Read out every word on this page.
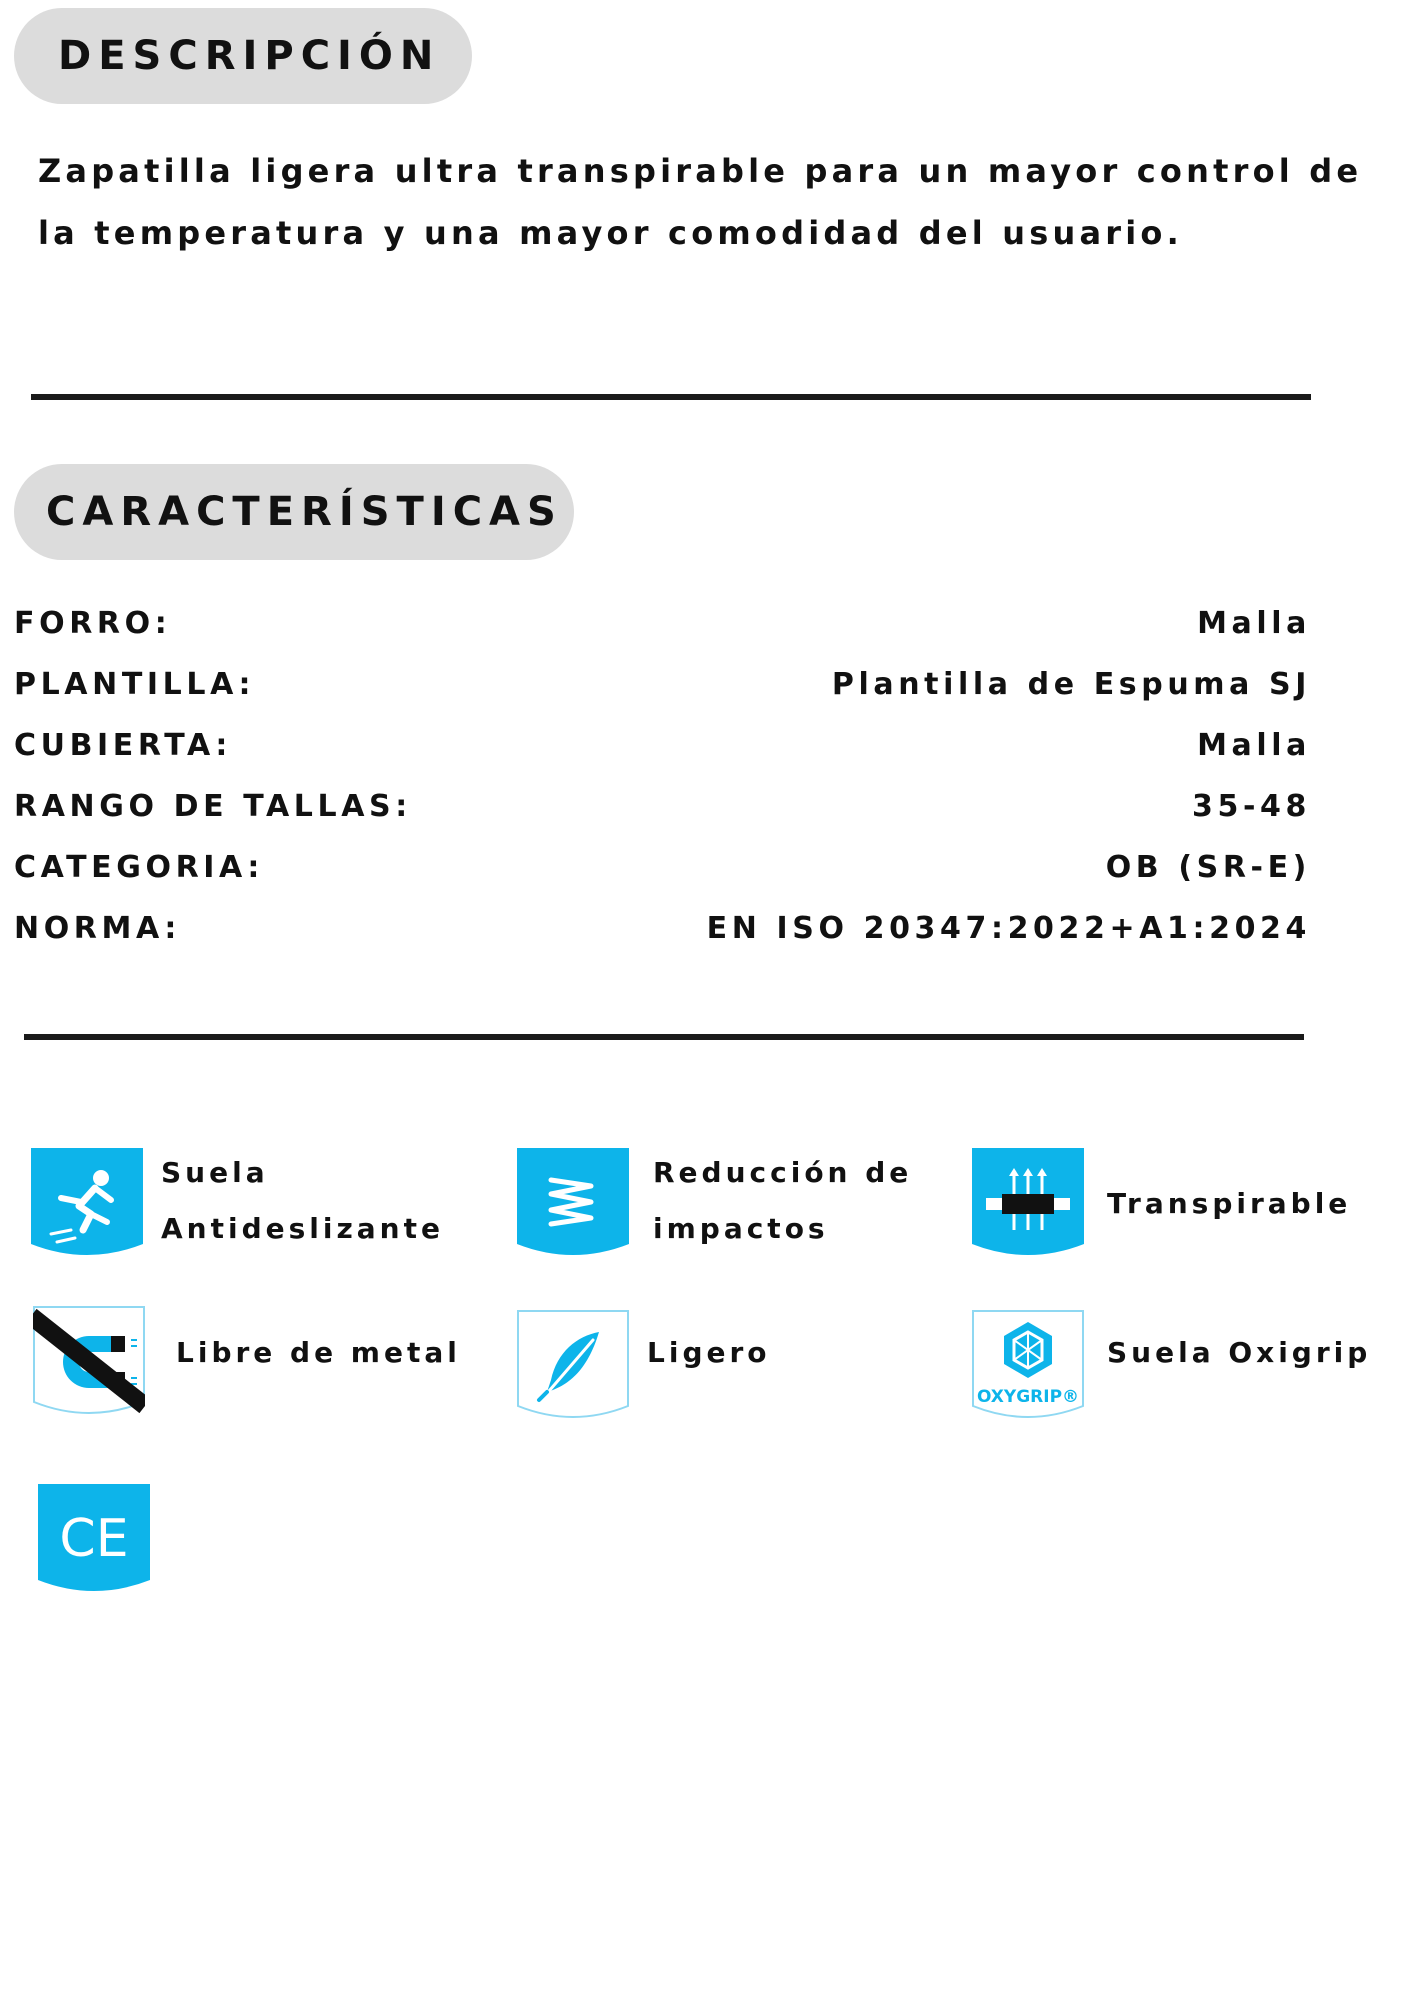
DESCRIPCIÓN

Zapatilla ligera ultra transpirable para un mayor control de la temperatura y una mayor comodidad del usuario.

CARACTERÍSTICAS
FORRO:	Malla
PLANTILLA:	Plantilla de Espuma SJ
CUBIERTA:	Malla
RANGO DE TALLAS:	35-48
CATEGORIA:	OB (SR-E)
NORMA:	EN ISO 20347:2022+A1:2024
Suela
Antideslizante
Reducción de
impactos
Transpirable
Libre de metal	Ligero
OXYGRIP®
Suela Oxigrip
CE
